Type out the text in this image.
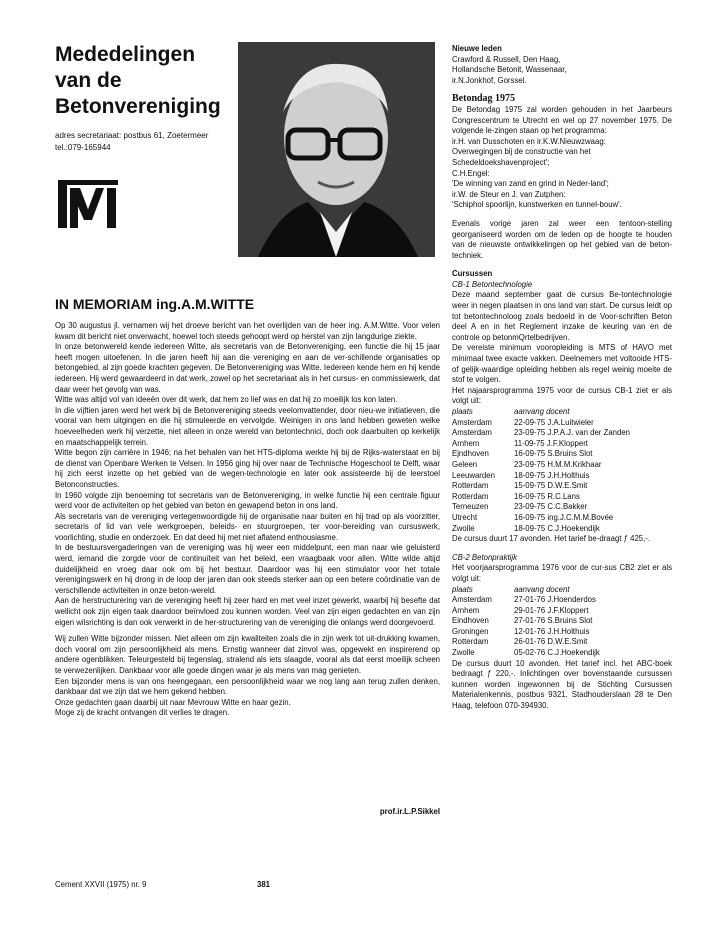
Mededelingen
van de
Betonvereniging
adres secretariaat: postbus 61, Zoetermeer
tel.:079-165944
IN MEMORIAM ing.A.M.WITTE

Op 30 augustus jl. vernamen wij het droeve bericht van het overlijden van de heer ing. A.M.Witte. Voor velen kwam dit bericht niet onverwacht, hoewel toch steeds gehoopt werd op herstel van zijn langdurige ziekte.

In onze betonwereld kende iedereen Witte, als secretaris van de Betonvereniging, een functie die hij 15 jaar heeft mogen uitoefenen. In die jaren heeft hij aan die vereniging en aan de ver-schillende organisaties op betongebied, al zijn goede krachten gegeven. De Betonvereniging was Witte. Iedereen kende hem en hij kende iedereen. Hij werd gewaardeerd in dat werk, zowel op het secretariaat als in het cursus- en commissiewerk, dat daar weer het gevolg van was.

Witte was altijd vol van ideeën over dit werk, dat hem zo lief was en dat hij zo moeilijk los kon laten.

In die vijftien jaren werd het werk bij de Betonvereniging steeds veelomvattender, door nieu-we initiatieven, die vooral van hem uitgingen en die hij stimuleerde en vervolgde. Weinigen in ons land hebben geweten welke hoeveelheden werk hij verzette, niet alleen in onze wereld van betontechnici, doch ook daarbuiten op kerkelijk en maatschappelijk terrein.

Witte begon zijn carrière in 1946; na het behalen van het HTS-diploma werkte hij bij de Rijks-waterstaat en bij de dienst van Openbare Werken te Velsen. In 1956 ging hij over naar de Technische Hogeschool te Delft, waar hij zich eerst inzette op het gebied van de wegen-technologie en later ook assisteerde bij de leerstoel Betonconstructies.

In 1960 volgde zijn benoeming tot secretaris van de Betonvereniging, in welke functie hij een centrale figuur werd voor de activiteiten op het gebied van beton en gewapend beton in ons land.

Als secretaris van de vereniging vertegenwoordigde hij de organisatie naar buiten en hij trad op als voorzitter, secretaris of lid van vele werkgroepen, beleids- en stuurgroepen, ter voor-bereiding van cursuswerk, voorlichting, studie en onderzoek. En dat deed hij met niet aflatend enthousiasme.

In de bestuursvergaderingen van de vereniging was hij weer een middelpunt, een man naar wie geluisterd werd, iemand die zorgde voor de continuïteit van het beleid, een vraagbaak voor allen. Witte wilde altijd duidelijkheid en vroeg daar ook om bij het bestuur. Daardoor was hij een stimulator voor het totale verenigingswerk en hij drong in de loop der jaren dan ook steeds sterker aan op een betere coördinatie van de verschillende activiteiten in onze beton-wereld.

Aan de herstructurering van de vereniging heeft hij zeer hard en met veel inzet gewerkt, waarbij hij besefte dat wellicht ook zijn eigen taak daardoor beïnvloed zou kunnen worden. Veel van zijn eigen gedachten en van zijn eigen wilsrichting is dan ook verwerkt in de her-structurering van de vereniging die onlangs werd doorgevoerd.

Wij zullen Witte bijzonder missen. Niet alleen om zijn kwaliteiten zoals die in zijn werk tot uit-drukking kwamen, doch vooral om zijn persoonlijkheid als mens. Ernstig wanneer dat zinvol was, opgewekt en inspirerend op andere ogenblikken. Teleurgesteld bij tegenslag, stralend als iets slaagde, vooral als dat eerst moeilijk scheen te verwezenlijken. Dankbaar voor alle goede dingen waar je als mens van mag genieten.

Een bijzonder mens is van ons heengegaan, een persoonlijkheid waar we nog lang aan terug zullen denken, dankbaar dat we zijn dat we hem gekend hebben.

Onze gedachten gaan daarbij uit naar Mevrouw Witte en haar gezin.

Moge zij de kracht ontvangen dit verlies te dragen.

prof.ir.L.P.Sikkel

Nieuwe leden

Crawford & Russell, Den Haag,

Hollandsche Betonit, Wassenaar,

ir.N.Jonkhof, Gorssel.

Betondag 1975

De Betondag 1975 zal worden gehouden in het Jaarbeurs Congrescentrum te Utrecht en wel op 27 november 1975. De volgende le-zingen staan op het programma:

ir.H. van Dusschoten en ir.K.W.Nieuwzwaag:

Overwegingen bij de constructie van het Schedeldoekshavenproject';

C.H.Engel:

'De winning van zand en grind in Neder-land';

ir.W. de Steur en J. van Zutphen:

'Schiphol spoorlijn, kunstwerken en tunnel-bouw'.

Evenals vorige jaren zal weer een tentoon-stelling georganiseerd worden om de leden op de hoogte te houden van de nieuwste ontwikkelingen op het gebied van de beton-techniek.

Cursussen

CB-1 Betontechnologie

Deze maand september gaat de cursus Be-tontechnologie weer in negen plaatsen in ons land van start. De cursus leidt op tot betontechnoloog zoals bedoeld in de Voor-schriften Beton deel A en in het Reglement inzake de keuring van en de controle op betonmQrtelbedrijven.

De vereiste minimum vooropleiding is MTS of HAVO met minimaal twee exacte vakken. Deelnemers met voltooide HTS- of gelijk-waardige opleiding hebben als regel weinig moeite de stof te volgen.

Het najaarsprogramma 1975 voor de cursus CB-1 ziet er als volgt uit:

plaats	aanvang docent
Amsterdam	22-09-75 J.A.Luitwieler
Amsterdam	23-09-75 J.P.A.J. van der Zanden
Arnhem	11-09-75 J.F.Kloppert
Ejndhoven	16-09-75 S.Bruins Slot
Geleen	23-09-75 H.M.M.Krikhaar
Leeuwarden	18-09-75 J.H.Holthuis
Rotterdam	15-09-75 D.W.E.Smit
Rotterdam	16-09-75 R.C.Lans
Terneuzen	23-09-75 C.C.Bakker
Utrecht	16-09-75 ing.J.C.M.M.Bovée
Zwolle	18-09-75 C.J.Hoekendijk

De cursus duurt 17 avonden. Het tarief be-draagt ƒ 425,-.

CB-2 Betonpraktijk

Het voorjaarsprogramma 1976 voor de cur-sus CB2 ziet er als volgt uit:

plaats	aanvang docent
Amsterdam	27-01-76 J.Hoenderdos
Arnhem	29-01-76 J.F.Kloppert
Eindhoven	27-01-76 S.Bruins Slot
Groningen	12-01-76 J.H.Holthuis
Rotterdam	26-01-76 D.W.E.Smit
Zwolle	05-02-76 C.J.Hoekendijk

De cursus duurt 10 avonden. Het tarief incl. het ABC-boek bedraagt ƒ 220,-. Inlichtingen over bovenstaande cursussen kunnen worden ingewonnen bij de Stichting Cursussen Materialenkennis, postbus 9321, Stadhouderslaan 28 te Den Haag, telefoon 070-394930.

Cement XXVII (1975) nr. 9	381
